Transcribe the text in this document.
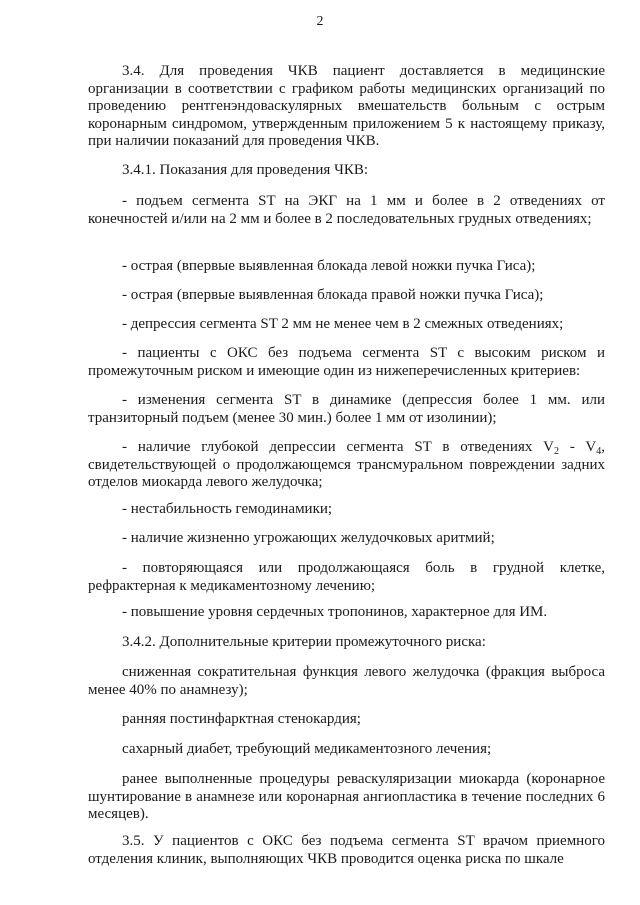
2

3.4. Для проведения ЧКВ пациент доставляется в медицинские организации в соответствии с графиком работы медицинских организаций по проведению рентгенэндоваскулярных вмешательств больным с острым коронарным синдромом, утвержденным приложением 5 к настоящему приказу, при наличии показаний для проведения ЧКВ.

3.4.1. Показания для проведения ЧКВ:

- подъем сегмента ST на ЭКГ на 1 мм и более в 2 отведениях от конечностей и/или на 2 мм и более в 2 последовательных грудных отведениях;

- острая (впервые выявленная блокада левой ножки пучка Гиса);

- острая (впервые выявленная блокада правой ножки пучка Гиса);

- депрессия сегмента ST 2 мм не менее чем в 2 смежных отведениях;

- пациенты с ОКС без подъема сегмента ST с высоким риском и промежуточным риском и имеющие один из нижеперечисленных критериев:

- изменения сегмента ST в динамике (депрессия более 1 мм. или транзиторный подъем (менее 30 мин.) более 1 мм от изолинии);

- наличие глубокой депрессии сегмента ST в отведениях $V_2 - V_4$, свидетельствующей о продолжающемся трансмуральном повреждении задних отделов миокарда левого желудочка;

- нестабильность гемодинамики;

- наличие жизненно угрожающих желудочковых аритмий;

- повторяющаяся или продолжающаяся боль в грудной клетке, рефрактерная к медикаментозному лечению;

- повышение уровня сердечных тропонинов, характерное для ИМ.

3.4.2. Дополнительные критерии промежуточного риска:

сниженная сократительная функция левого желудочка (фракция выброса менее 40% по анамнезу);

ранняя постинфарктная стенокардия;

сахарный диабет, требующий медикаментозного лечения;

ранее выполненные процедуры реваскуляризации миокарда (коронарное шунтирование в анамнезе или коронарная ангиопластика в течение последних 6 месяцев).

3.5. У пациентов с ОКС без подъема сегмента ST врачом приемного отделения клиник, выполняющих ЧКВ проводится оценка риска по шкале
